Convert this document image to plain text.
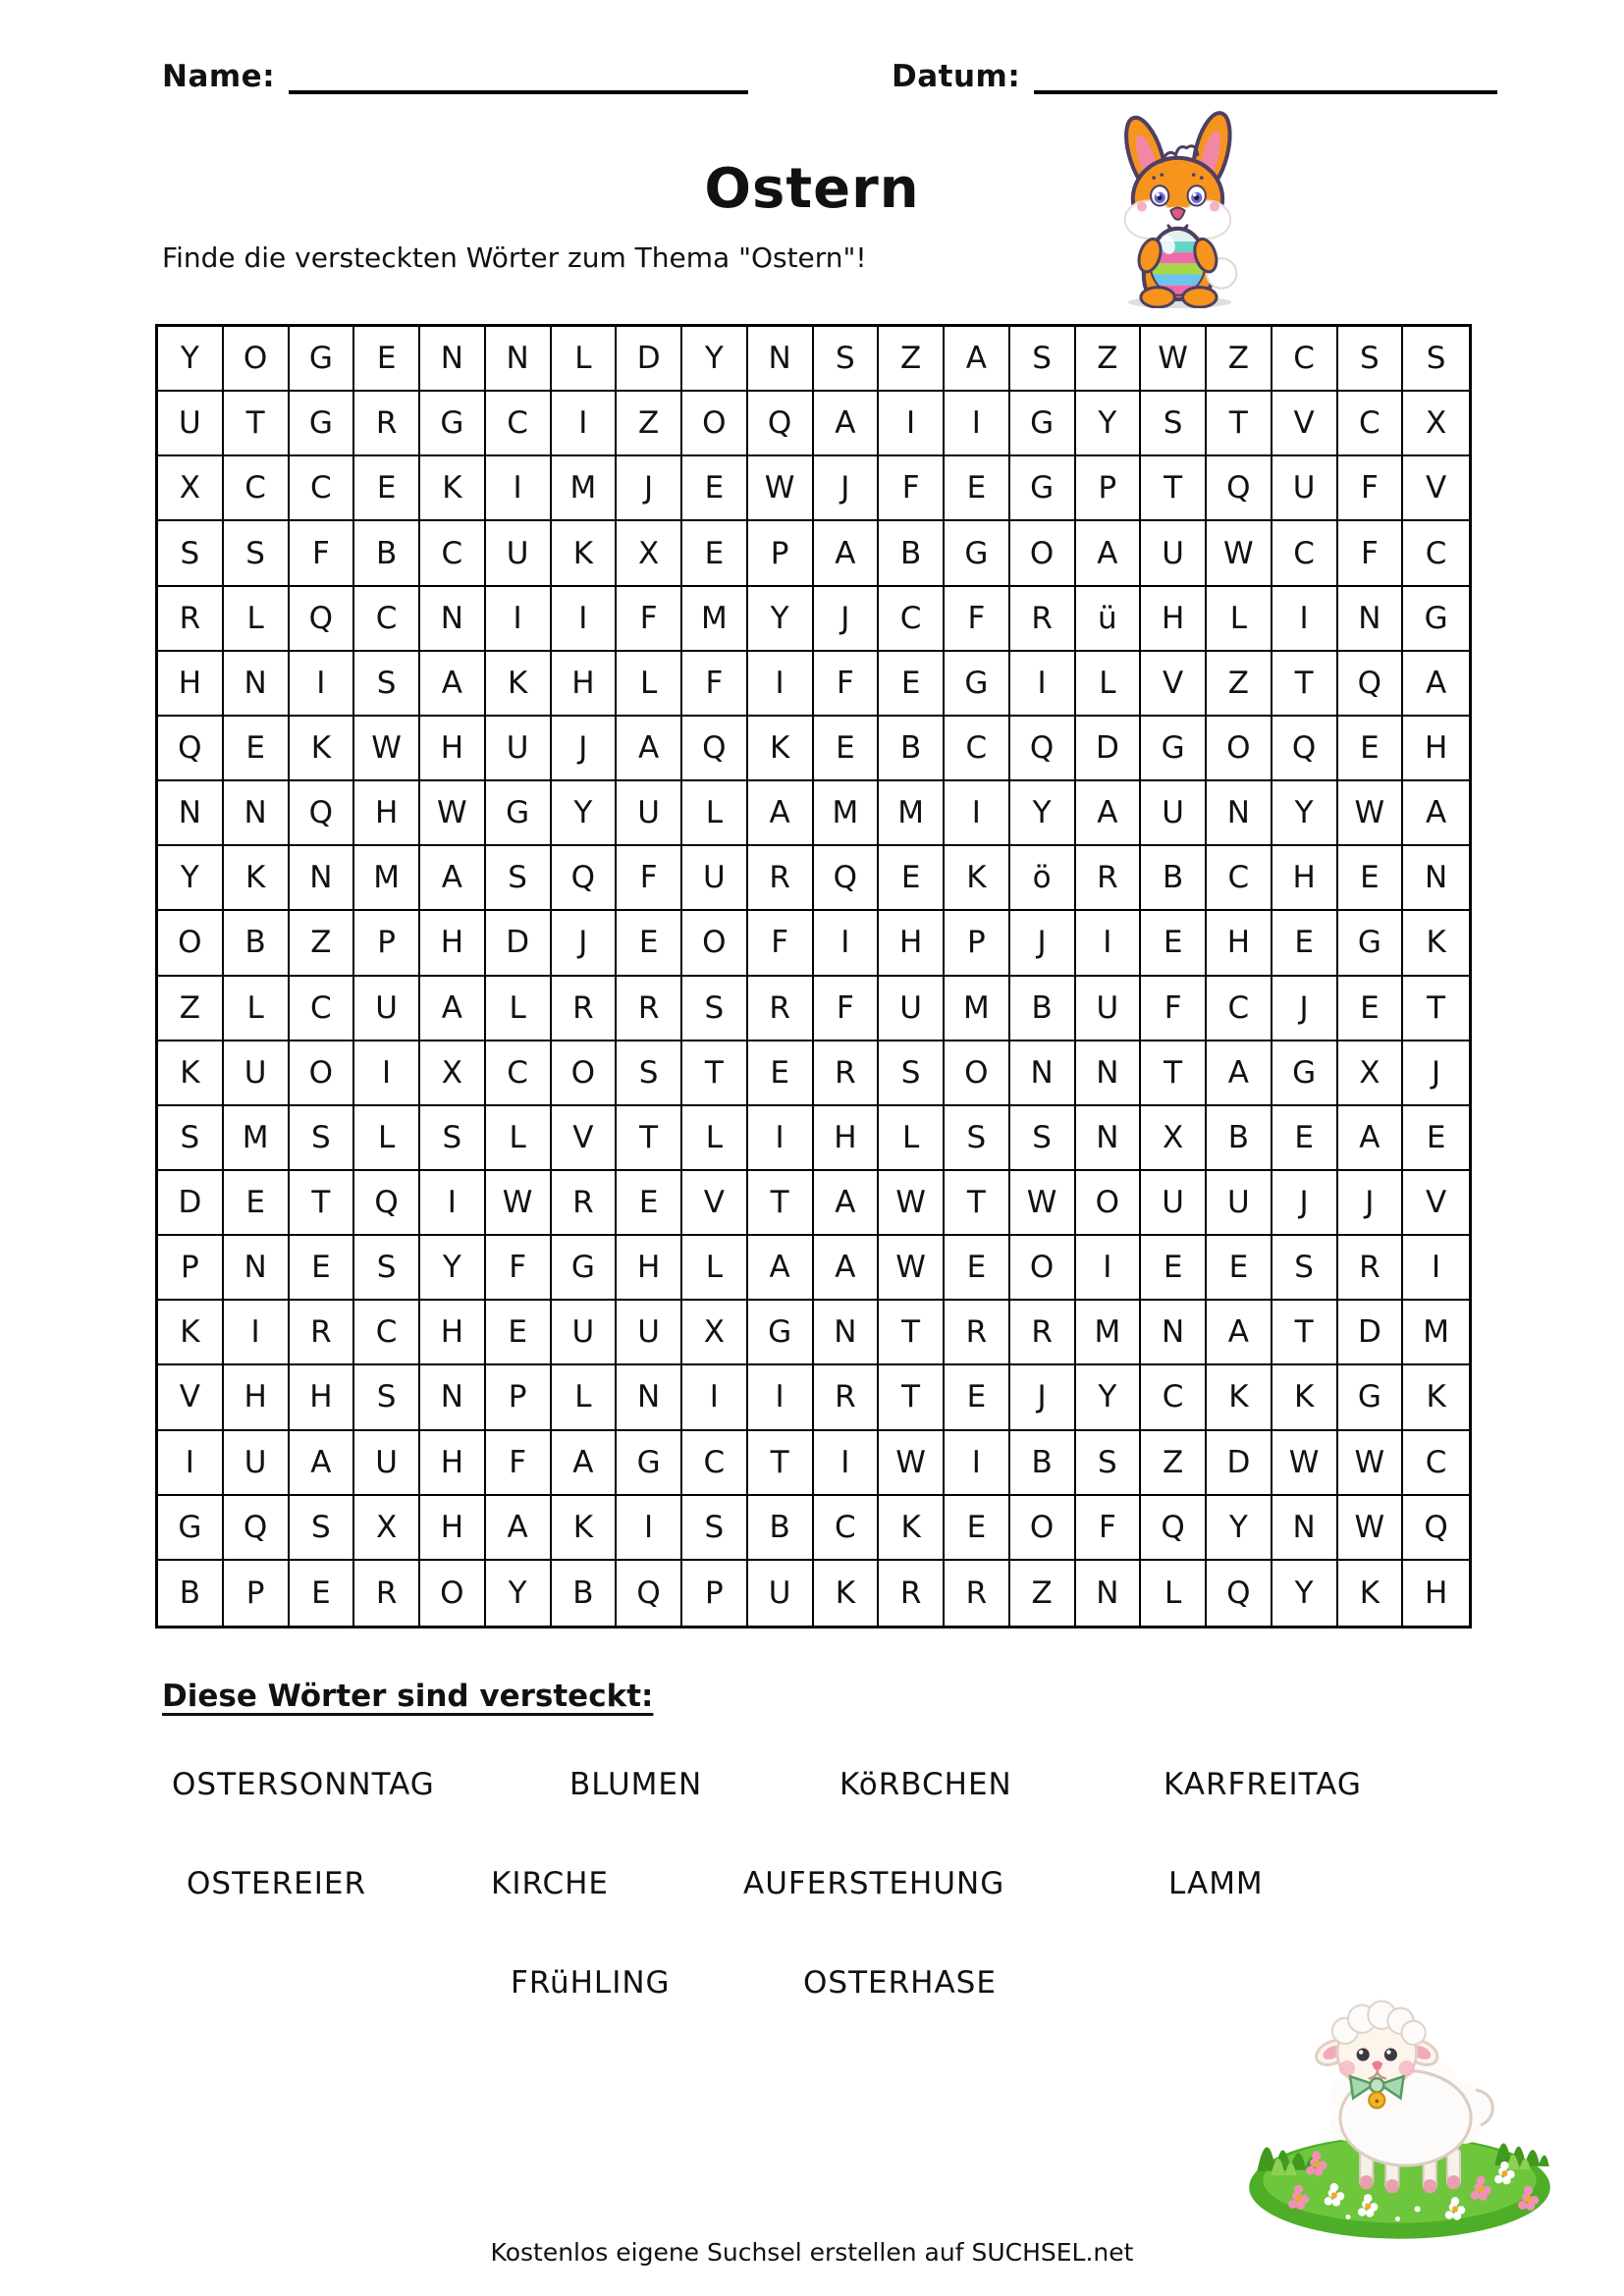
Name:	Datum:
Ostern
Finde die versteckten Wörter zum Thema "Ostern"!
Y	O	G	E	N	N	L	D	Y	N	S	Z	A	S	Z	W	Z	C	S	S
U	T	G	R	G	C	I	Z	O	Q	A	I	I	G	Y	S	T	V	C	X
X	C	C	E	K	I	M	J	E	W	J	F	E	G	P	T	Q	U	F	V
S	S	F	B	C	U	K	X	E	P	A	B	G	O	A	U	W	C	F	C
R	L	Q	C	N	I	I	F	M	Y	J	C	F	R	ü	H	L	I	N	G
H	N	I	S	A	K	H	L	F	I	F	E	G	I	L	V	Z	T	Q	A
Q	E	K	W	H	U	J	A	Q	K	E	B	C	Q	D	G	O	Q	E	H
N	N	Q	H	W	G	Y	U	L	A	M	M	I	Y	A	U	N	Y	W	A
Y	K	N	M	A	S	Q	F	U	R	Q	E	K	ö	R	B	C	H	E	N
O	B	Z	P	H	D	J	E	O	F	I	H	P	J	I	E	H	E	G	K
Z	L	C	U	A	L	R	R	S	R	F	U	M	B	U	F	C	J	E	T
K	U	O	I	X	C	O	S	T	E	R	S	O	N	N	T	A	G	X	J
S	M	S	L	S	L	V	T	L	I	H	L	S	S	N	X	B	E	A	E
D	E	T	Q	I	W	R	E	V	T	A	W	T	W	O	U	U	J	J	V
P	N	E	S	Y	F	G	H	L	A	A	W	E	O	I	E	E	S	R	I
K	I	R	C	H	E	U	U	X	G	N	T	R	R	M	N	A	T	D	M
V	H	H	S	N	P	L	N	I	I	R	T	E	J	Y	C	K	K	G	K
I	U	A	U	H	F	A	G	C	T	I	W	I	B	S	Z	D	W	W	C
G	Q	S	X	H	A	K	I	S	B	C	K	E	O	F	Q	Y	N	W	Q
B	P	E	R	O	Y	B	Q	P	U	K	R	R	Z	N	L	Q	Y	K	H
Diese Wörter sind versteckt:
OSTERSONNTAG	BLUMEN	KöRBCHEN	KARFREITAG
OSTEREIER	KIRCHE	AUFERSTEHUNG	LAMM
FRüHLING	OSTERHASE
Kostenlos eigene Suchsel erstellen auf SUCHSEL.net
